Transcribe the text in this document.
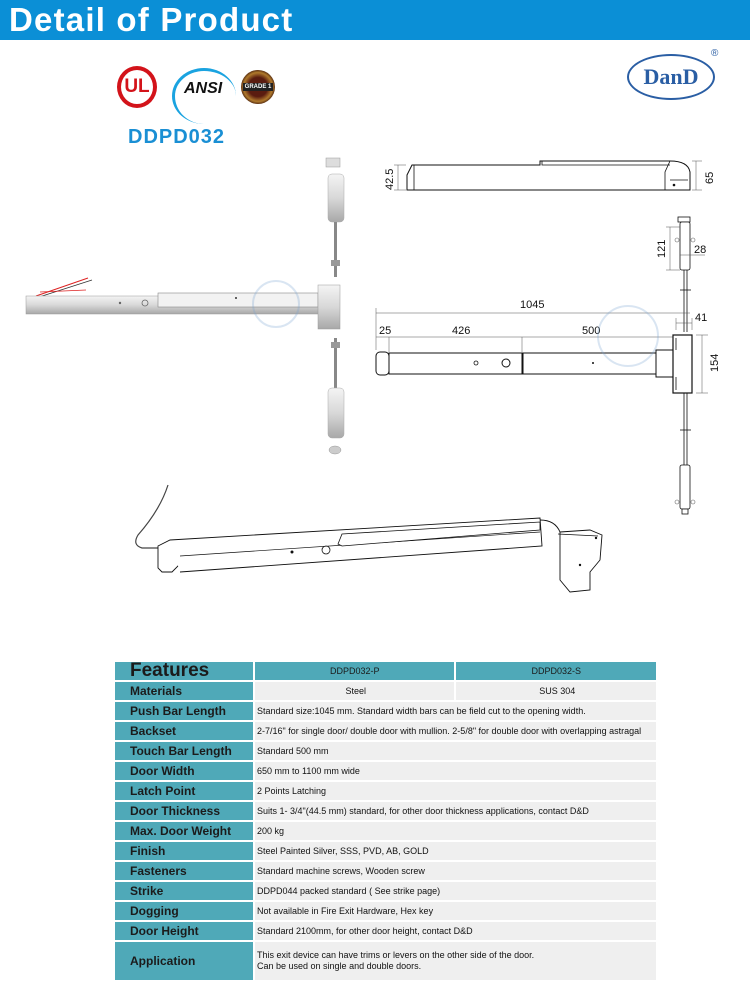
Detail of Product
UL ANSI	GRADE 1	DanD
®
DDPD032
42.5	65
121 28
1045
25	426	500
41
154
Features	DDPD032-P	DDPD032-S
Materials	Steel	SUS 304
Push Bar Length	Standard size:1045 mm. Standard width bars can be field cut to the opening width.	
Backset	2-7/16" for single door/ double door with mullion. 2-5/8" for double door with overlapping astragal	
Touch Bar Length	Standard 500 mm	
Door Width	650 mm to 1100 mm wide	
Latch Point	2 Points Latching	
Door Thickness	Suits 1- 3/4"(44.5 mm) standard, for other door thickness applications, contact D&D	
Max. Door Weight	200 kg	
Finish	Steel Painted Silver, SSS, PVD, AB, GOLD	
Fasteners	Standard machine screws, Wooden screw	
Strike	DDPD044 packed standard ( See strike page)	
Dogging	Not available in Fire Exit Hardware, Hex key	
Door Height	Standard 2100mm, for other door height, contact D&D	
Application	This exit device can have trims or levers on the other side of the door.
Can be used on single and double doors.	
